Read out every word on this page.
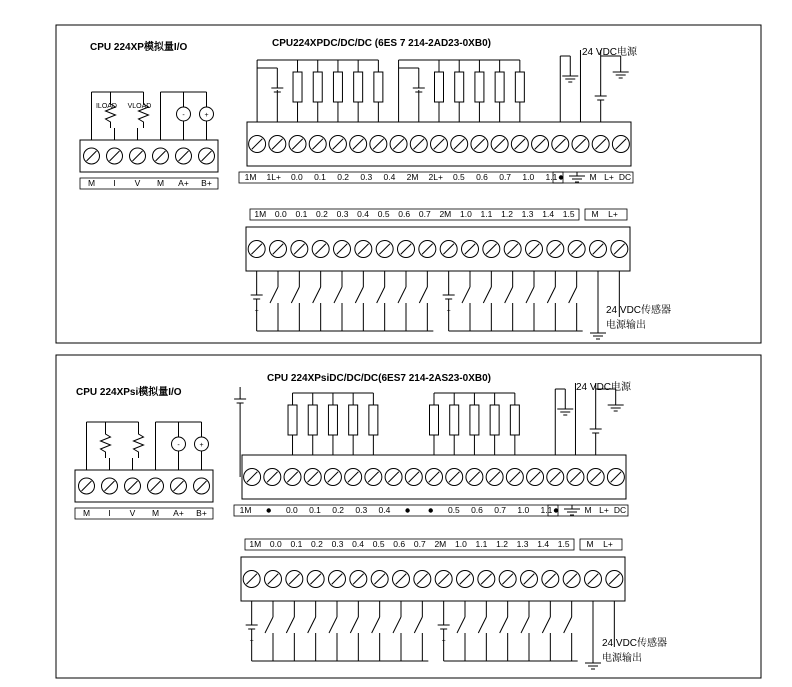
CPU 224XP模拟量I/O	CPU224XPDC/DC/DC (6ES 7 214-2AD23-0XB0)
24 VDC电源
24 VDC传感器
电源输出
M I V M A+ B+
ILOAD VLOAD
-	+
1M 1L+ 0.0 0.1 0.2 0.3 0.4 2M 2L+ 0.5 0.6 0.7 1.0 1.1	M L+ DC
1M 0.0 0.1 0.2 0.3 0.4 0.5 0.6 0.7 2M 1.0 1.1 1.2 1.3 1.4 1.5 M L+
+	+
CPU 224XPsi模拟量I/O
CPU 224XPsiDC/DC/DC(6ES7 214-2AS23-0XB0)
24 VDC电源
24 VDC传感器
电源输出
M I V M A+ B+
-	+
1M	0.0 0.1 0.2 0.3 0.4	0.5 0.6 0.7 1.0 1.1	M L+ DC
1M 0.0 0.1 0.2 0.3 0.4 0.5 0.6 0.7 2M 1.0 1.1 1.2 1.3 1.4 1.5 M L+
+	+
